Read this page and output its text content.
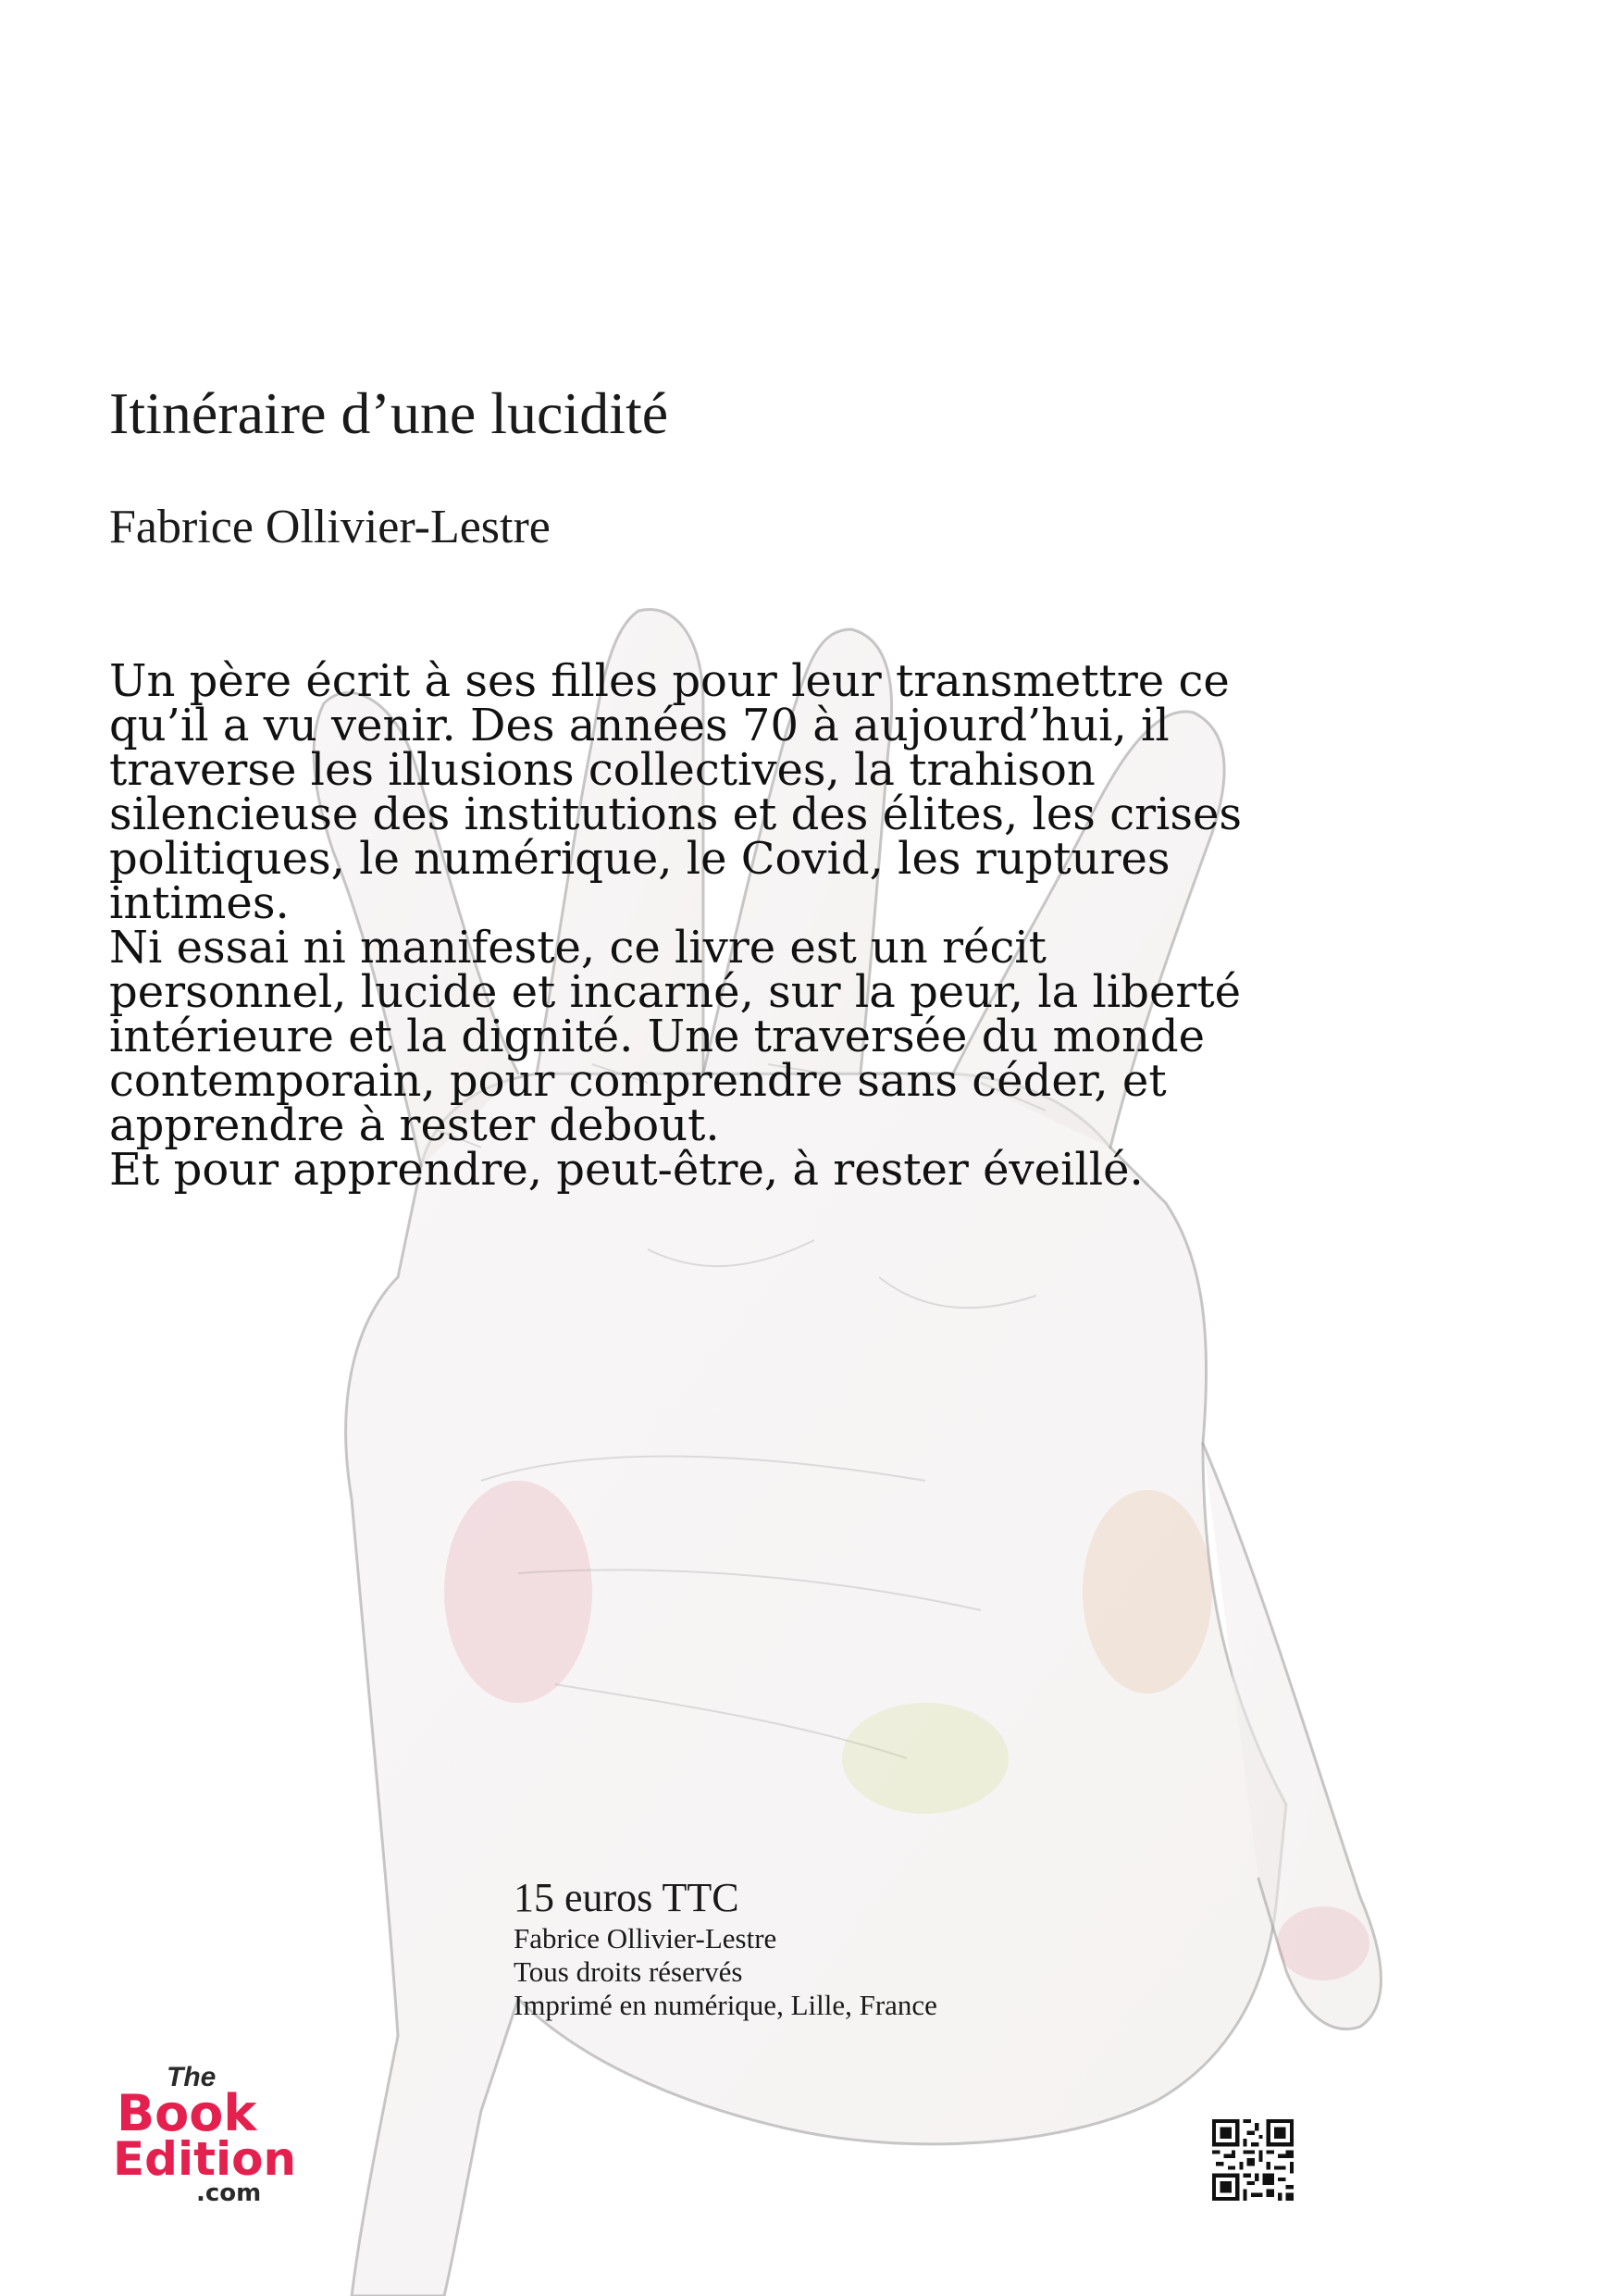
Itinéraire d’une lucidité
Fabrice Ollivier-Lestre

Un père écrit à ses filles pour leur transmettre ce qu’il a vu venir. Des années 70 à aujourd’hui, il traverse les illusions collectives, la trahison silencieuse des institutions et des élites, les crises politiques, le numérique, le Covid, les ruptures intimes.

Ni essai ni manifeste, ce livre est un récit personnel, lucide et incarné, sur la peur, la liberté intérieure et la dignité. Une traversée du monde contemporain, pour comprendre sans céder, et apprendre à rester debout.

Et pour apprendre, peut-être, à rester éveillé.

15 euros TTC
Fabrice Ollivier-Lestre
Tous droits réservés
Imprimé en numérique, Lille, France
The
Book
Edition
.com
